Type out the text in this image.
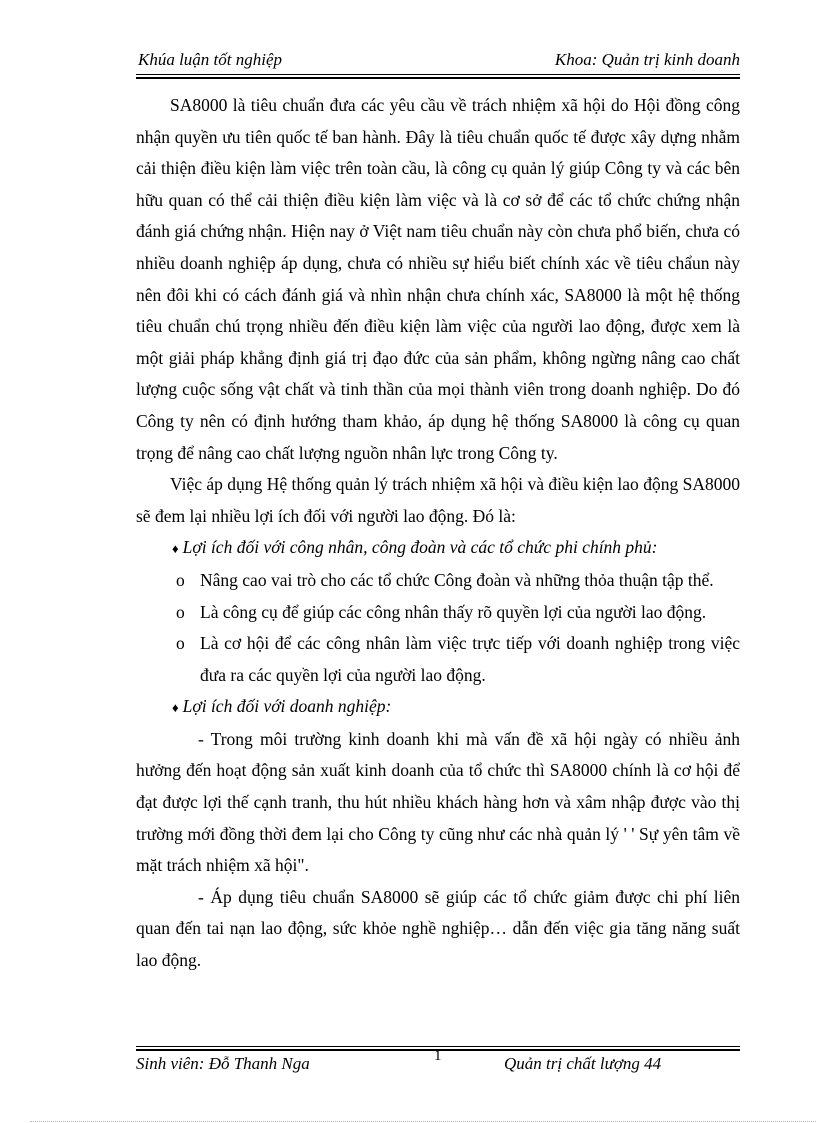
Khúa luận tốt nghiệp	Khoa: Quản trị kinh doanh

SA8000 là tiêu chuẩn đưa các yêu cầu về trách nhiệm xã hội do Hội đồng công nhận quyền ưu tiên quốc tế ban hành. Đây là tiêu chuẩn quốc tế được xây dựng nhằm cải thiện điều kiện làm việc trên toàn cầu, là công cụ quản lý giúp Công ty và các bên hữu quan có thể cải thiện điều kiện làm việc và là cơ sở để các tổ chức chứng nhận đánh giá chứng nhận. Hiện nay ở Việt nam tiêu chuẩn này còn chưa phổ biến, chưa có nhiều doanh nghiệp áp dụng, chưa có nhiều sự hiểu biết chính xác về tiêu chẩun này nên đôi khi có cách đánh giá và nhìn nhận chưa chính xác, SA8000 là một hệ thống tiêu chuẩn chú trọng nhiều đến điều kiện làm việc của người lao động, được xem là một giải pháp khẳng định giá trị đạo đức của sản phẩm, không ngừng nâng cao chất lượng cuộc sống vật chất và tinh thần của mọi thành viên trong doanh nghiệp. Do đó Công ty nên có định hướng tham khảo, áp dụng hệ thống SA8000 là công cụ quan trọng để nâng cao chất lượng nguồn nhân lực trong Công ty.

Việc áp dụng Hệ thống quản lý trách nhiệm xã hội và điều kiện lao động SA8000 sẽ đem lại nhiều lợi ích đối với người lao động. Đó là:

♦ Lợi ích đối với công nhân, công đoàn và các tổ chức phi chính phủ:

o Nâng cao vai trò cho các tổ chức Công đoàn và những thỏa thuận tập thể.

o Là công cụ để giúp các công nhân thấy rõ quyền lợi của người lao động.

o Là cơ hội để các công nhân làm việc trực tiếp với doanh nghiệp trong việc đưa ra các quyền lợi của người lao động.

♦ Lợi ích đối với doanh nghiệp:

- Trong môi trường kinh doanh khi mà vấn đề xã hội ngày có nhiều ảnh hưởng đến hoạt động sản xuất kinh doanh của tổ chức thì SA8000 chính là cơ hội để đạt được lợi thế cạnh tranh, thu hút nhiều khách hàng hơn và xâm nhập được vào thị trường mới đồng thời đem lại cho Công ty cũng như các nhà quản lý ' ' Sự yên tâm về mặt trách nhiệm xã hội".

- Áp dụng tiêu chuẩn SA8000 sẽ giúp các tổ chức giảm được chi phí liên quan đến tai nạn lao động, sức khỏe nghề nghiệp… dẫn đến việc gia tăng năng suất lao động.

Sinh viên: Đỗ Thanh Nga	1	Quản trị chất lượng 44
